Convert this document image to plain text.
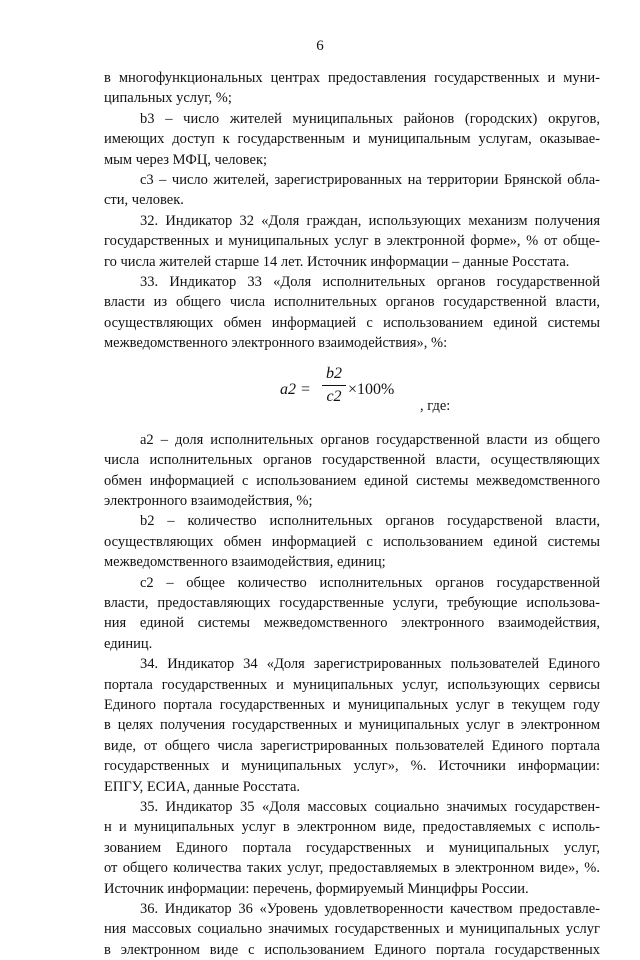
6
в многофункциональных центрах предоставления государственных и муни-
ципальных услуг, %;
b3 – число жителей муниципальных районов (городских) округов,
имеющих доступ к государственным и муниципальным услугам, оказывае-
мым через МФЦ, человек;
с3 – число жителей, зарегистрированных на территории Брянской обла-
сти, человек.
32. Индикатор 32 «Доля граждан, использующих механизм получения
государственных и муниципальных услуг в электронной форме», % от обще-
го числа жителей старше 14 лет. Источник информации – данные Росстата.
33. Индикатор 33 «Доля исполнительных органов государственной
власти из общего числа исполнительных органов государственной власти,
осуществляющих обмен информацией с использованием единой системы
межведомственного электронного взаимодействия», %:
a2 =
b2
c2 ×100%
, где:
а2 – доля исполнительных органов государственной власти из общего
числа исполнительных органов государственной власти, осуществляющих
обмен информацией с использованием единой системы межведомственного
электронного взаимодействия, %;
b2 – количество исполнительных органов государственой власти,
осуществляющих обмен информацией с использованием единой системы
межведомственного взаимодействия, единиц;
с2 – общее количество исполнительных органов государственной
власти, предоставляющих государственные услуги, требующие использова-
ния единой системы межведомственного электронного взаимодействия,
единиц.
34. Индикатор 34 «Доля зарегистрированных пользователей Единого
портала государственных и муниципальных услуг, использующих сервисы
Единого портала государственных и муниципальных услуг в текущем году
в целях получения государственных и муниципальных услуг в электронном
виде, от общего числа зарегистрированных пользователей Единого портала
государственных и муниципальных услуг», %. Источники информации:
ЕПГУ, ЕСИА, данные Росстата.
35. Индикатор 35 «Доля массовых социально значимых государствен-
н и муниципальных услуг в электронном виде, предоставляемых с исполь-
зованием Единого портала государственных и муниципальных услуг,
от общего количества таких услуг, предоставляемых в электронном виде», %.
Источник информации: перечень, формируемый Минцифры России.
36. Индикатор 36 «Уровень удовлетворенности качеством предоставле-
ния массовых социально значимых государственных и муниципальных услуг
в электронном виде с использованием Единого портала государственных
